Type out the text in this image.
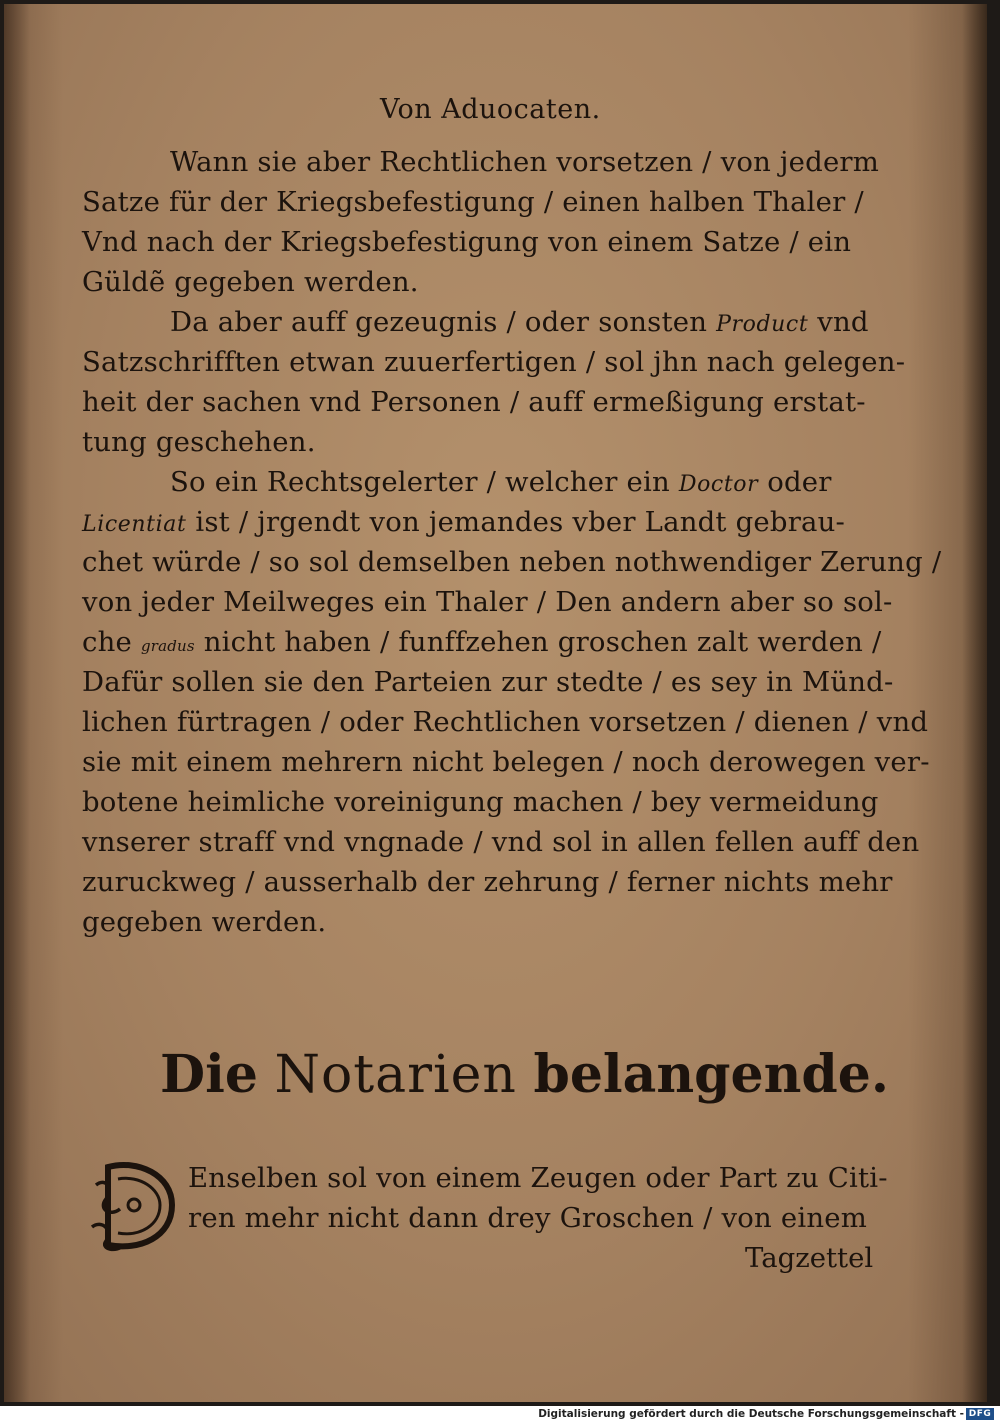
Von Aduocaten.
Wann sie aber Rechtlichen vorsetzen / von jederm
Satze für der Kriegsbefestigung / einen halben Thaler /
Vnd nach der Kriegsbefestigung von einem Satze / ein
Güldẽ gegeben werden.
Da aber auff gezeugnis / oder sonsten Product vnd
Satzschrifften etwan zuuerfertigen / sol jhn nach gelegen-
heit der sachen vnd Personen / auff ermeßigung erstat-
tung geschehen.
So ein Rechtsgelerter / welcher ein Doctor oder
Licentiat ist / jrgendt von jemandes vber Landt gebrau-
chet würde / so sol demselben neben nothwendiger Zerung /
von jeder Meilweges ein Thaler / Den andern aber so sol-
che gradus nicht haben / funffzehen groschen zalt werden /
Dafür sollen sie den Parteien zur stedte / es sey in Münd-
lichen fürtragen / oder Rechtlichen vorsetzen / dienen / vnd
sie mit einem mehrern nicht belegen / noch derowegen ver-
botene heimliche voreinigung machen / bey vermeidung
vnserer straff vnd vngnade / vnd sol in allen fellen auff den
zuruckweg / ausserhalb der zehrung / ferner nichts mehr
gegeben werden.
Die Notarien belangende.
Enselben sol von einem Zeugen oder Part zu Citi-
ren mehr nicht dann drey Groschen / von einem
Tagzettel
Digitalisierung gefördert durch die Deutsche Forschungsgemeinschaft - DFG
